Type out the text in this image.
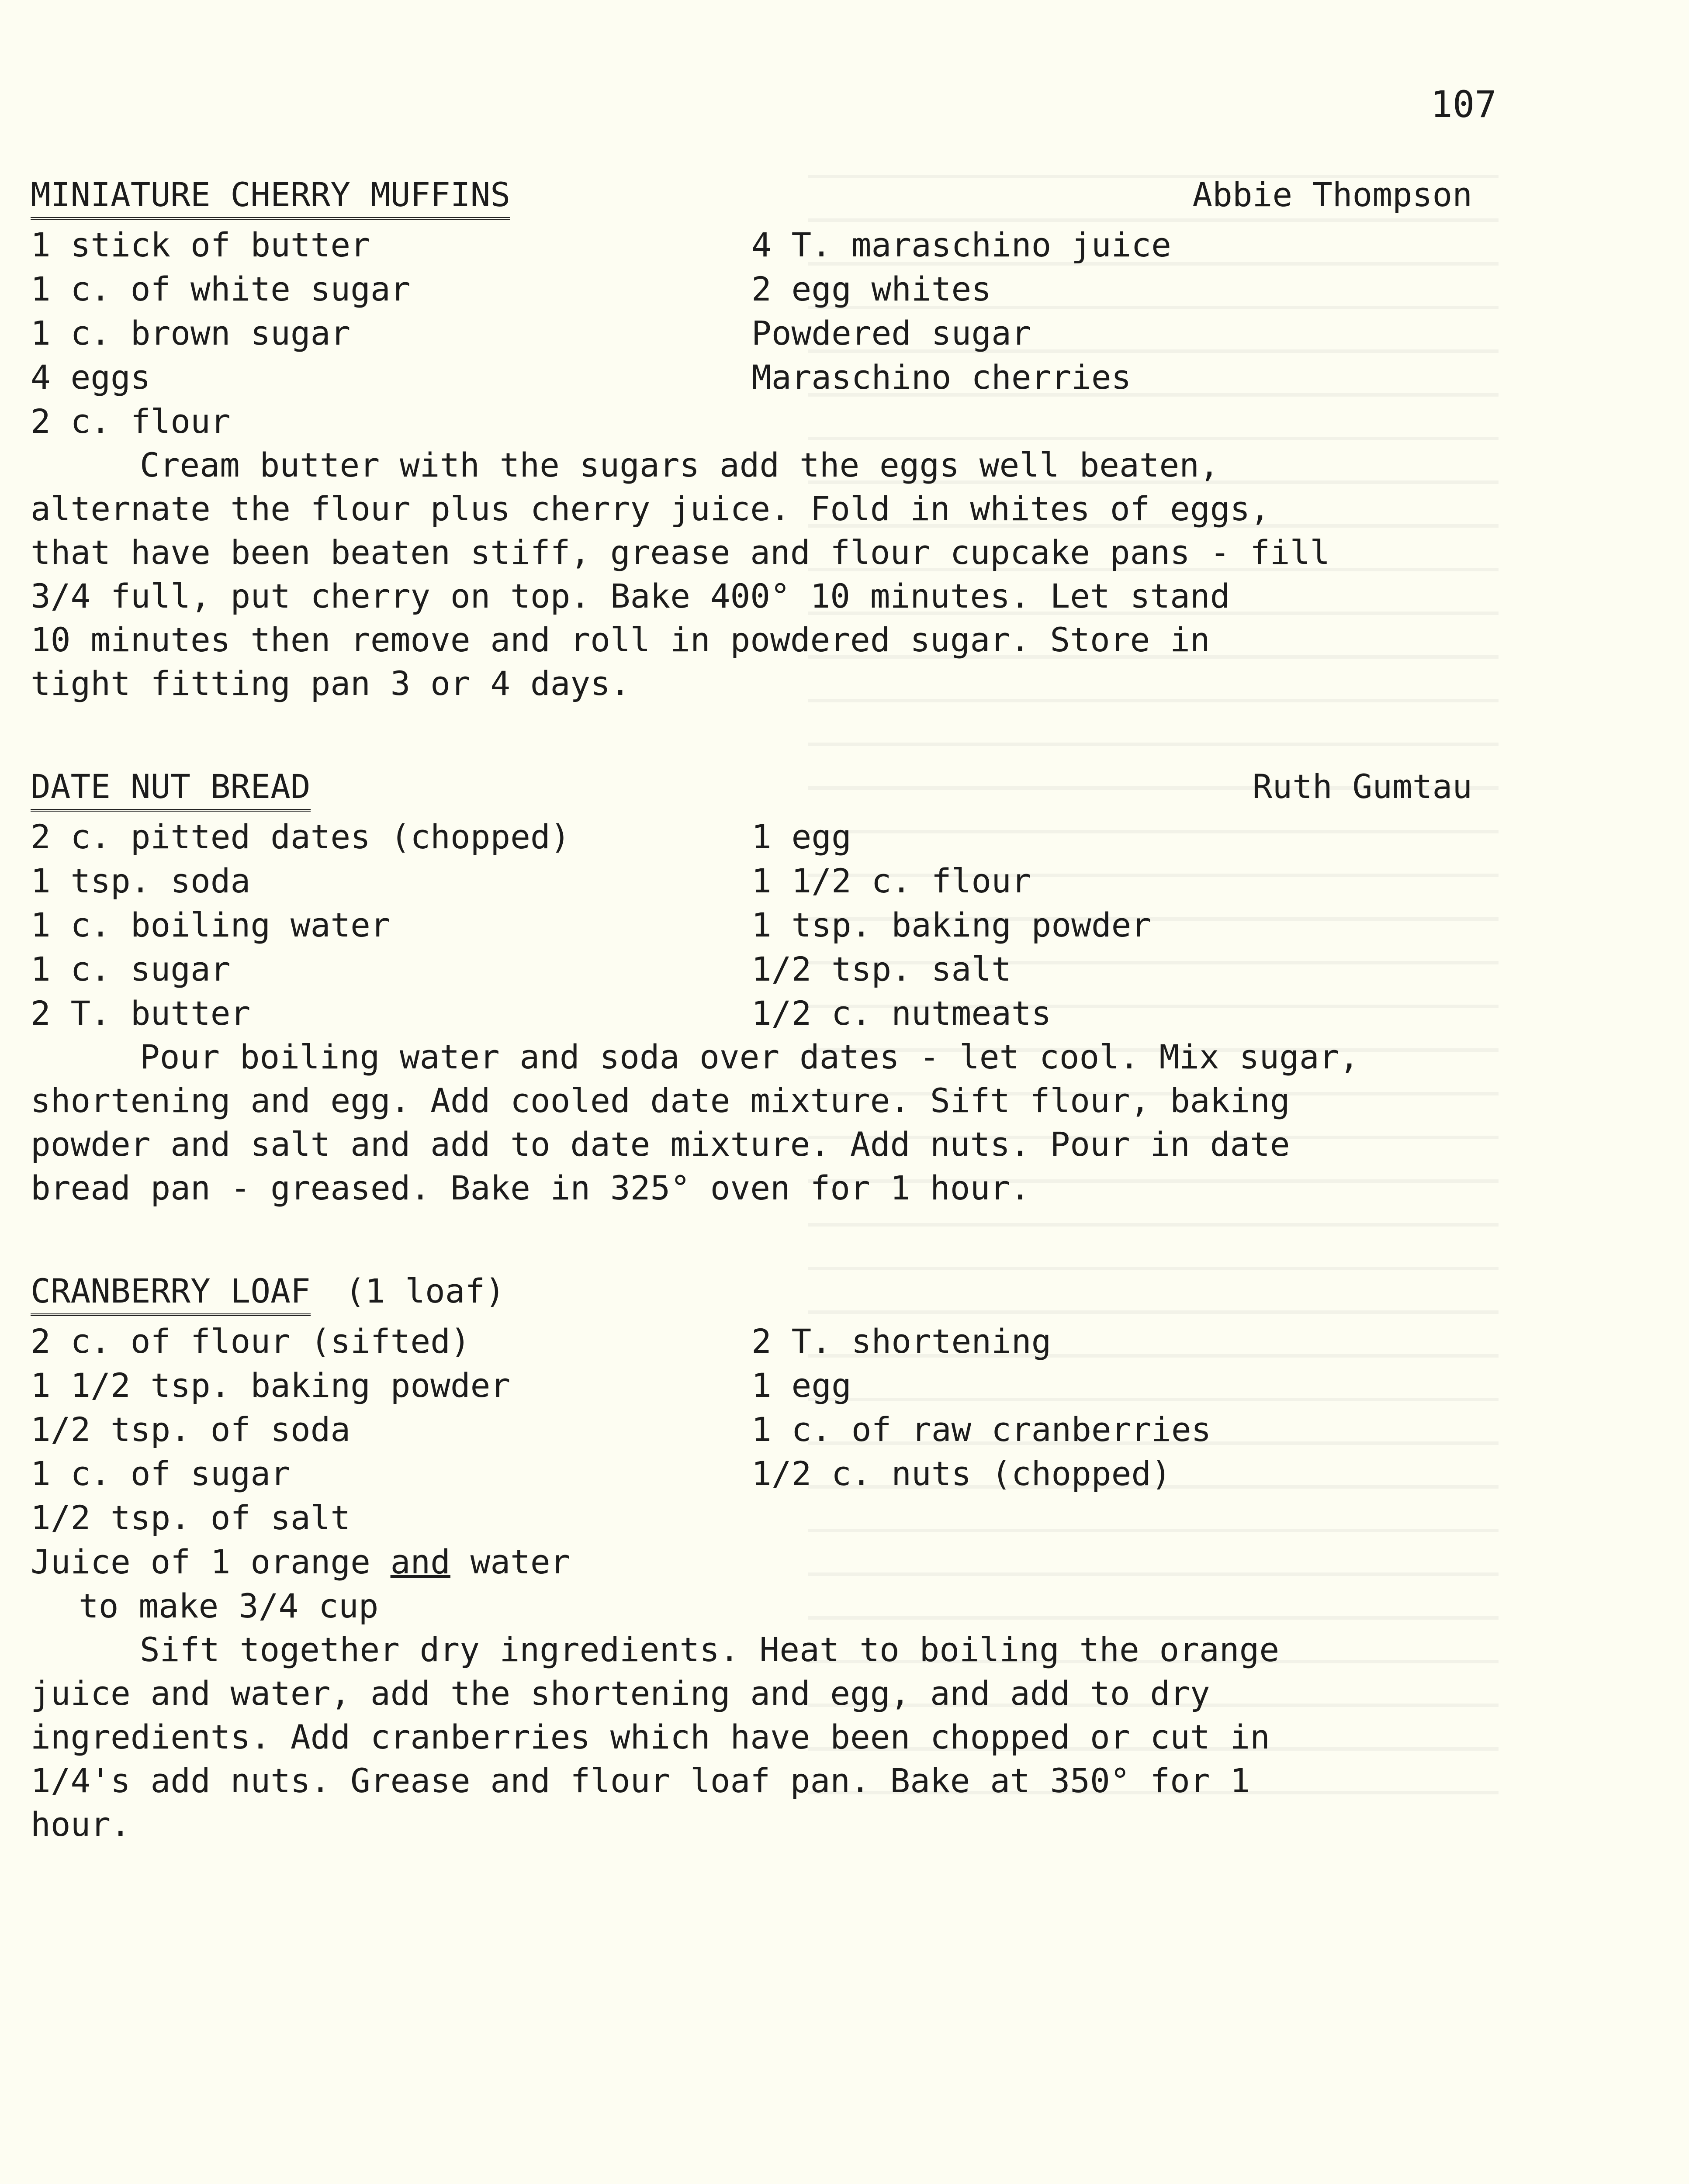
107
MINIATURE CHERRY MUFFINS	Abbie Thompson
1 stick of butter	4 T. maraschino juice
1 c. of white sugar	2 egg whites
1 c. brown sugar	Powdered sugar
4 eggs	Maraschino cherries
2 c. flour
Cream butter with the sugars add the eggs well beaten,
alternate the flour plus cherry juice. Fold in whites of eggs,
that have been beaten stiff, grease and flour cupcake pans - fill
3/4 full, put cherry on top. Bake 400° 10 minutes. Let stand
10 minutes then remove and roll in powdered sugar. Store in
tight fitting pan 3 or 4 days.
DATE NUT BREAD	Ruth Gumtau
2 c. pitted dates (chopped)	1 egg
1 tsp. soda	1 1/2 c. flour
1 c. boiling water	1 tsp. baking powder
1 c. sugar	1/2 tsp. salt
2 T. butter	1/2 c. nutmeats
Pour boiling water and soda over dates - let cool. Mix sugar,
shortening and egg. Add cooled date mixture. Sift flour, baking
powder and salt and add to date mixture. Add nuts. Pour in date
bread pan - greased. Bake in 325° oven for 1 hour.
CRANBERRY LOAF (1 loaf)
2 c. of flour (sifted)	2 T. shortening
1 1/2 tsp. baking powder	1 egg
1/2 tsp. of soda	1 c. of raw cranberries
1 c. of sugar	1/2 c. nuts (chopped)
1/2 tsp. of salt
Juice of 1 orange and water
to make 3/4 cup
Sift together dry ingredients. Heat to boiling the orange
juice and water, add the shortening and egg, and add to dry
ingredients. Add cranberries which have been chopped or cut in
1/4's add nuts. Grease and flour loaf pan. Bake at 350° for 1
hour.
